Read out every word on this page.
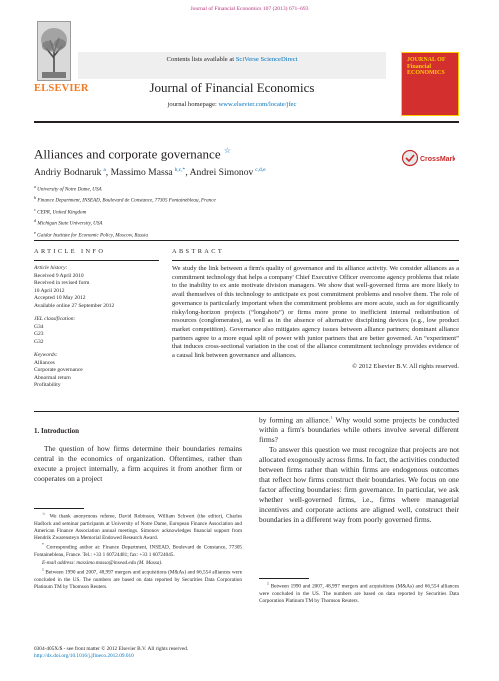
Journal of Financial Economics 107 (2013) 671–693
ELSEVIER
Contents lists available at SciVerse ScienceDirect
Journal of Financial Economics
journal homepage: www.elsevier.com/locate/jfec
JOURNAL OF
Financial
ECONOMICS
Alliances and corporate governance ☆
CrossMark
Andriy Bodnaruk  $^a$, Massimo Massa  $^{b,c,*}$, Andrei Simonov  $^{c,d,e}$
$^a$ University of Notre Dame, USA
$^b$ Finance Department, INSEAD, Boulevard de Constance, 77305 Fontainebleau, France
$^c$ CEPR, United Kingdom
$^d$ Michigan State University, USA
$^e$ Gaidar Institute for Economic Policy, Moscow, Russia
ARTICLE INFO
Article history:
Received 9 April 2010
Received in revised form
10 April 2012
Accepted 10 May 2012
Available online 27 September 2012
JEL classification:
G34
G23
G32
Keywords:
Alliances
Corporate governance
Abnormal return
Profitability
ABSTRACT
We study the link between a firm's quality of governance and its alliance activity. We consider alliances as a commitment technology that helps a company' Chief Executive Officer overcome agency problems that relate to the inability to ex ante motivate division managers. We show that well-governed firms are more likely to avail themselves of this technology to anticipate ex post commitment problems and resolve them. The role of governance is particularly important when the commitment problems are more acute, such as for significantly risky/long-horizon projects (“longshots”) or firms more prone to inefficient internal redistribution of resources (conglomerates), as well as in the absence of alternative disciplining devices (e.g., low product market competition). Governance also mitigates agency issues between alliance partners; dominant alliance partners agree to a more equal split of power with junior partners that are better governed. An “experiment” that induces cross-sectional variation in the cost of the alliance commitment technology provides evidence of a causal link between governance and alliances.
© 2012 Elsevier B.V. All rights reserved.
1. Introduction

The question of how firms determine their boundaries remains central in the economics of organization. Oftentimes, rather than execute a project internally, a firm acquires it from another firm or cooperates on a project

☆ We thank anonymous referee, David Robinson, William Schwert (the editor), Charles Hadlock and seminar participants at University of Notre Dame, European Finance Association and American Finance Association annual meetings. Simonov acknowledges financial support from Hendrik Zwarensteyn Memorial Endowed Research Award.

* Corresponding author at: Finance Department, INSEAD, Boulevard de Constance, 77305 Fontainebleau, France. Tel.: +33 1 60724481; fax: +33 1 60724045.

E-mail address: massimo.massa@insead.edu (M. Massa).

$^1$ Between 1990 and 2007, 48,997 mergers and acquisitions (M&As) and 66,554 alliances were concluded in the US. The numbers are based on data reported by Securities Data Corporation Platinum TM by Thomson Reuters.

by forming an alliance.$^1$ Why would some projects be conducted within a firm's boundaries while others involve several different firms?

To answer this question we must recognize that projects are not allocated exogenously across firms. In fact, the activities conducted between firms rather than within firms are endogenous outcomes that reflect how firms construct their boundaries. We focus on one factor affecting boundaries: firm governance. In particular, we ask whether well-governed firms, i.e., firms where managerial incentives and corporate actions are aligned well, construct their boundaries in a different way from poorly governed firms.

$^1$ Between 1990 and 2007, 48,997 mergers and acquisitions (M&As) and 66,554 alliances were concluded in the US. The numbers are based on data reported by Securities Data Corporation Platinum TM by Thomson Reuters.

0304-405X/$ - see front matter © 2012 Elsevier B.V. All rights reserved.
http://dx.doi.org/10.1016/j.jfineco.2012.09.010
